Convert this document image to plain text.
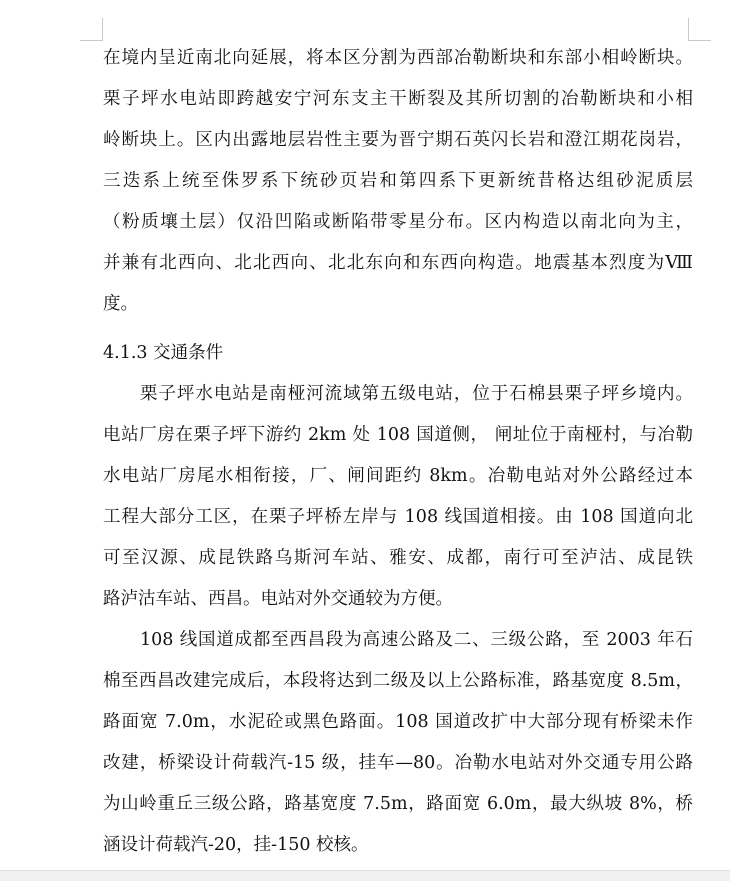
在境内呈近南北向延展，将本区分割为西部冶勒断块和东部小相岭断块。
栗子坪水电站即跨越安宁河东支主干断裂及其所切割的冶勒断块和小相
岭断块上。区内出露地层岩性主要为晋宁期石英闪长岩和澄江期花岗岩，
三迭系上统至侏罗系下统砂页岩和第四系下更新统昔格达组砂泥质层
（粉质壤土层）仅沿凹陷或断陷带零星分布。区内构造以南北向为主，
并兼有北西向、北北西向、北北东向和东西向构造。地震基本烈度为Ⅷ
度。
4.1.3 交通条件
栗子坪水电站是南桠河流域第五级电站，位于石棉县栗子坪乡境内。
电站厂房在栗子坪下游约 2km 处 108 国道侧， 闸址位于南桠村，与冶勒
水电站厂房尾水相衔接，厂、闸间距约 8km。冶勒电站对外公路经过本
工程大部分工区，在栗子坪桥左岸与 108 线国道相接。由 108 国道向北
可至汉源、成昆铁路乌斯河车站、雅安、成都，南行可至泸沽、成昆铁
路泸沽车站、西昌。电站对外交通较为方便。
108 线国道成都至西昌段为高速公路及二、三级公路，至 2003 年石
棉至西昌改建完成后，本段将达到二级及以上公路标准，路基宽度 8.5m，
路面宽 7.0m，水泥砼或黑色路面。108 国道改扩中大部分现有桥梁未作
改建，桥梁设计荷载汽-15 级，挂车—80。冶勒水电站对外交通专用公路
为山岭重丘三级公路，路基宽度 7.5m，路面宽 6.0m，最大纵坡 8%，桥
涵设计荷载汽-20，挂-150 校核。
